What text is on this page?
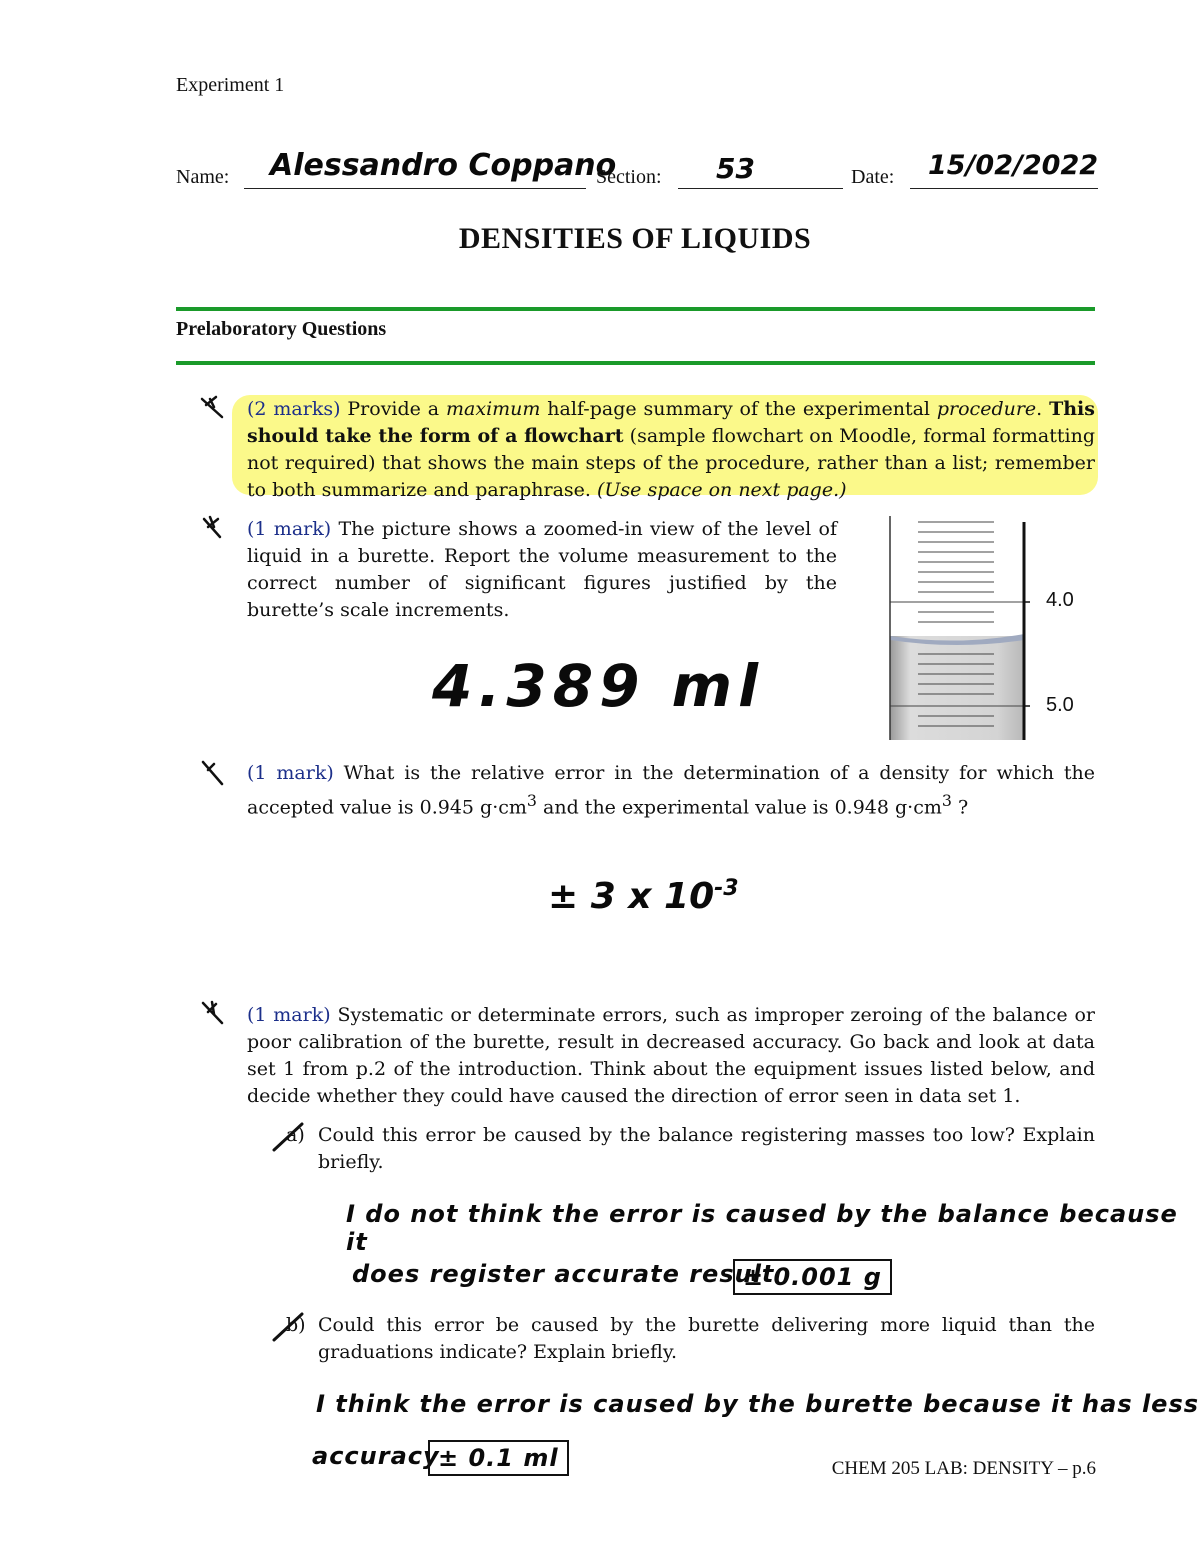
Experiment 1
Name: Alessandro Coppano
Section: 53	Date: 15/02/2022
DENSITIES OF LIQUIDS
Prelaboratory Questions
(2 marks) Provide a maximum half-page summary of the experimental procedure. This should take the form of a flowchart (sample flowchart on Moodle, formal formatting not required) that shows the main steps of the procedure, rather than a list; remember to both summarize and paraphrase. (Use space on next page.)
(1 mark) The picture shows a zoomed-in view of the level of liquid in a burette. Report the volume measurement to the correct number of significant figures justified by the burette’s scale increments.
4.389 ml
4.0
5.0
(1 mark) What is the relative error in the determination of a density for which the accepted value is 0.945 $g\cdot cm^3$ and the experimental value is 0.948 $g\cdot cm^3$ ?
± 3 x $10^{-3}$
(1 mark) Systematic or determinate errors, such as improper zeroing of the balance or poor calibration of the burette, result in decreased accuracy. Go back and look at data set 1 from p.2 of the introduction. Think about the equipment issues listed below, and decide whether they could have caused the direction of error seen in data set 1.
a) Could this error be caused by the balance registering masses too low? Explain briefly.
I do not think the error is caused by the balance because it
does register accurate result
± 0.001 g
b) Could this error be caused by the burette delivering more liquid than the graduations indicate? Explain briefly.
I think the error is caused by the burette because it has less
accuracy
± 0.1 ml	CHEM 205 LAB: DENSITY – p.6
